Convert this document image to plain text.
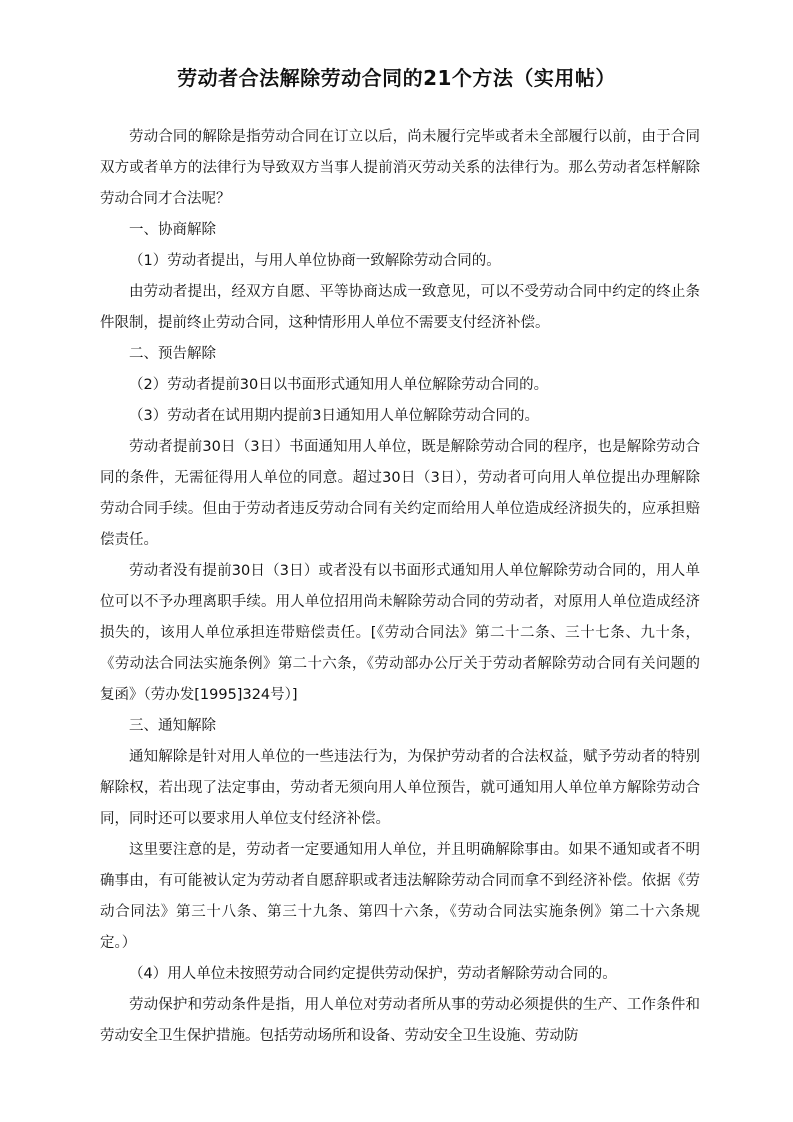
劳动者合法解除劳动合同的21个方法（实用帖）

劳动合同的解除是指劳动合同在订立以后，尚未履行完毕或者未全部履行以前，由于合同双方或者单方的法律行为导致双方当事人提前消灭劳动关系的法律行为。那么劳动者怎样解除劳动合同才合法呢？

一、协商解除

（1）劳动者提出，与用人单位协商一致解除劳动合同的。

由劳动者提出，经双方自愿、平等协商达成一致意见，可以不受劳动合同中约定的终止条件限制，提前终止劳动合同，这种情形用人单位不需要支付经济补偿。

二、预告解除

（2）劳动者提前30日以书面形式通知用人单位解除劳动合同的。

（3）劳动者在试用期内提前3日通知用人单位解除劳动合同的。

劳动者提前30日（3日）书面通知用人单位，既是解除劳动合同的程序，也是解除劳动合同的条件，无需征得用人单位的同意。超过30日（3日），劳动者可向用人单位提出办理解除劳动合同手续。但由于劳动者违反劳动合同有关约定而给用人单位造成经济损失的，应承担赔偿责任。

劳动者没有提前30日（3日）或者没有以书面形式通知用人单位解除劳动合同的，用人单位可以不予办理离职手续。用人单位招用尚未解除劳动合同的劳动者，对原用人单位造成经济损失的，该用人单位承担连带赔偿责任。[《劳动合同法》第二十二条、三十七条、九十条，《劳动法合同法实施条例》第二十六条，《劳动部办公厅关于劳动者解除劳动合同有关问题的复函》（劳办发[1995]324号）]

三、通知解除

通知解除是针对用人单位的一些违法行为，为保护劳动者的合法权益，赋予劳动者的特别解除权，若出现了法定事由，劳动者无须向用人单位预告，就可通知用人单位单方解除劳动合同，同时还可以要求用人单位支付经济补偿。

这里要注意的是，劳动者一定要通知用人单位，并且明确解除事由。如果不通知或者不明确事由，有可能被认定为劳动者自愿辞职或者违法解除劳动合同而拿不到经济补偿。依据《劳动合同法》第三十八条、第三十九条、第四十六条，《劳动合同法实施条例》第二十六条规定。）

（4）用人单位未按照劳动合同约定提供劳动保护，劳动者解除劳动合同的。

劳动保护和劳动条件是指，用人单位对劳动者所从事的劳动必须提供的生产、工作条件和劳动安全卫生保护措施。包括劳动场所和设备、劳动安全卫生设施、劳动防
